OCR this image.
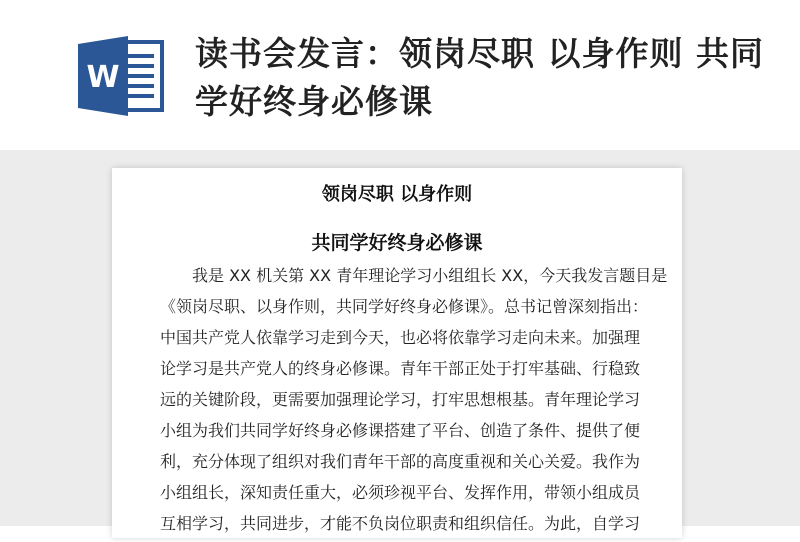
W
读书会发言：领岗尽职 以身作则 共同学好终身必修课
领岗尽职 以身作则
共同学好终身必修课
我是 XX 机关第 XX 青年理论学习小组组长 XX，今天我发言题目是
《领岗尽职、以身作则，共同学好终身必修课》。总书记曾深刻指出：
中国共产党人依靠学习走到今天，也必将依靠学习走向未来。加强理
论学习是共产党人的终身必修课。青年干部正处于打牢基础、行稳致
远的关键阶段，更需要加强理论学习，打牢思想根基。青年理论学习
小组为我们共同学好终身必修课搭建了平台、创造了条件、提供了便
利，充分体现了组织对我们青年干部的高度重视和关心关爱。我作为
小组组长，深知责任重大，必须珍视平台、发挥作用，带领小组成员
互相学习，共同进步，才能不负岗位职责和组织信任。为此，自学习
